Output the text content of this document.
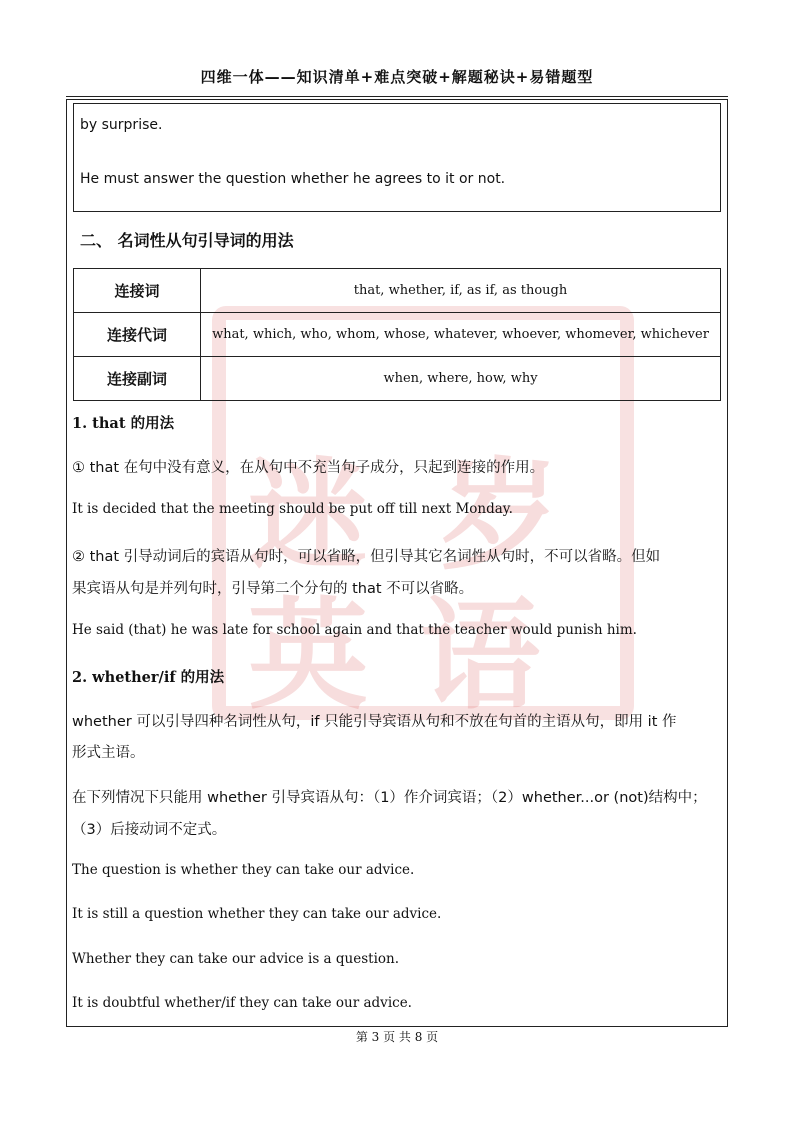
四维一体——知识清单+难点突破+解题秘诀+易错题型
迷 岁
英 语
by surprise.
He must answer the question whether he agrees to it or not.
二、 名词性从句引导词的用法
连接词	that, whether, if, as if, as though
连接代词	what, which, who, whom, whose, whatever, whoever, whomever, whichever
连接副词	when, where, how, why
1. that 的用法
① that 在句中没有意义，在从句中不充当句子成分，只起到连接的作用。
It is decided that the meeting should be put off till next Monday.
② that 引导动词后的宾语从句时，可以省略，但引导其它名词性从句时，不可以省略。但如
果宾语从句是并列句时，引导第二个分句的 that 不可以省略。
He said (that) he was late for school again and that the teacher would punish him.
2. whether/if 的用法
whether 可以引导四种名词性从句，if 只能引导宾语从句和不放在句首的主语从句，即用 it 作
形式主语。
在下列情况下只能用 whether 引导宾语从句：（1）作介词宾语；（2）whether...or (not)结构中；
（3）后接动词不定式。
The question is whether they can take our advice.
It is still a question whether they can take our advice.
Whether they can take our advice is a question.
It is doubtful whether/if they can take our advice.
第 3 页 共 8 页
